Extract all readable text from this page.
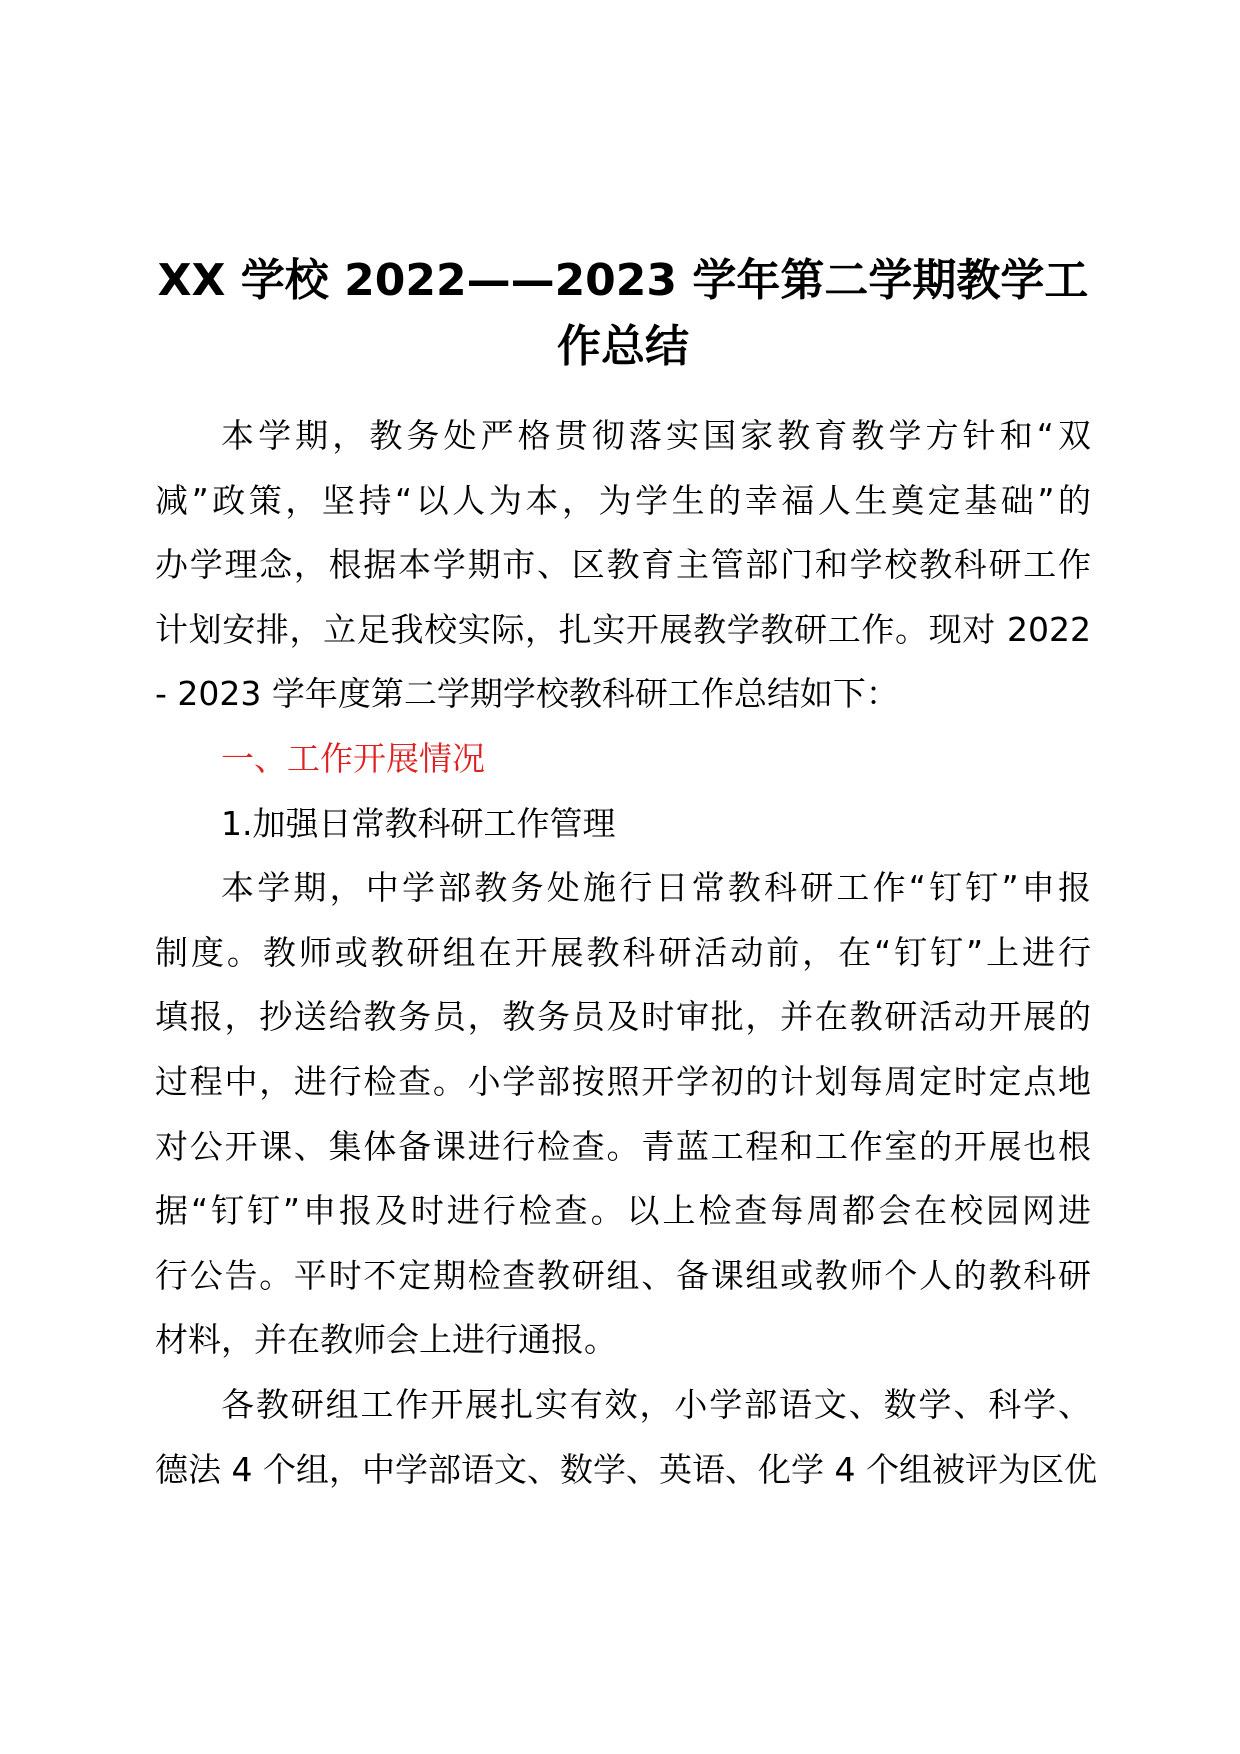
XX 学校 2022——2023 学年第二学期教学工
作总结
本学期，教务处严格贯彻落实国家教育教学方针和“双
减”政策，坚持“以人为本，为学生的幸福人生奠定基础”的
办学理念，根据本学期市、区教育主管部门和学校教科研工作
计划安排，立足我校实际，扎实开展教学教研工作。现对 2022
- 2023 学年度第二学期学校教科研工作总结如下：
一、工作开展情况
1.加强日常教科研工作管理
本学期，中学部教务处施行日常教科研工作“钉钉”申报
制度。教师或教研组在开展教科研活动前，在“钉钉”上进行
填报，抄送给教务员，教务员及时审批，并在教研活动开展的
过程中，进行检查。小学部按照开学初的计划每周定时定点地
对公开课、集体备课进行检查。青蓝工程和工作室的开展也根
据“钉钉”申报及时进行检查。以上检查每周都会在校园网进
行公告。平时不定期检查教研组、备课组或教师个人的教科研
材料，并在教师会上进行通报。
各教研组工作开展扎实有效，小学部语文、数学、科学、
德法 4 个组，中学部语文、数学、英语、化学 4 个组被评为区优
